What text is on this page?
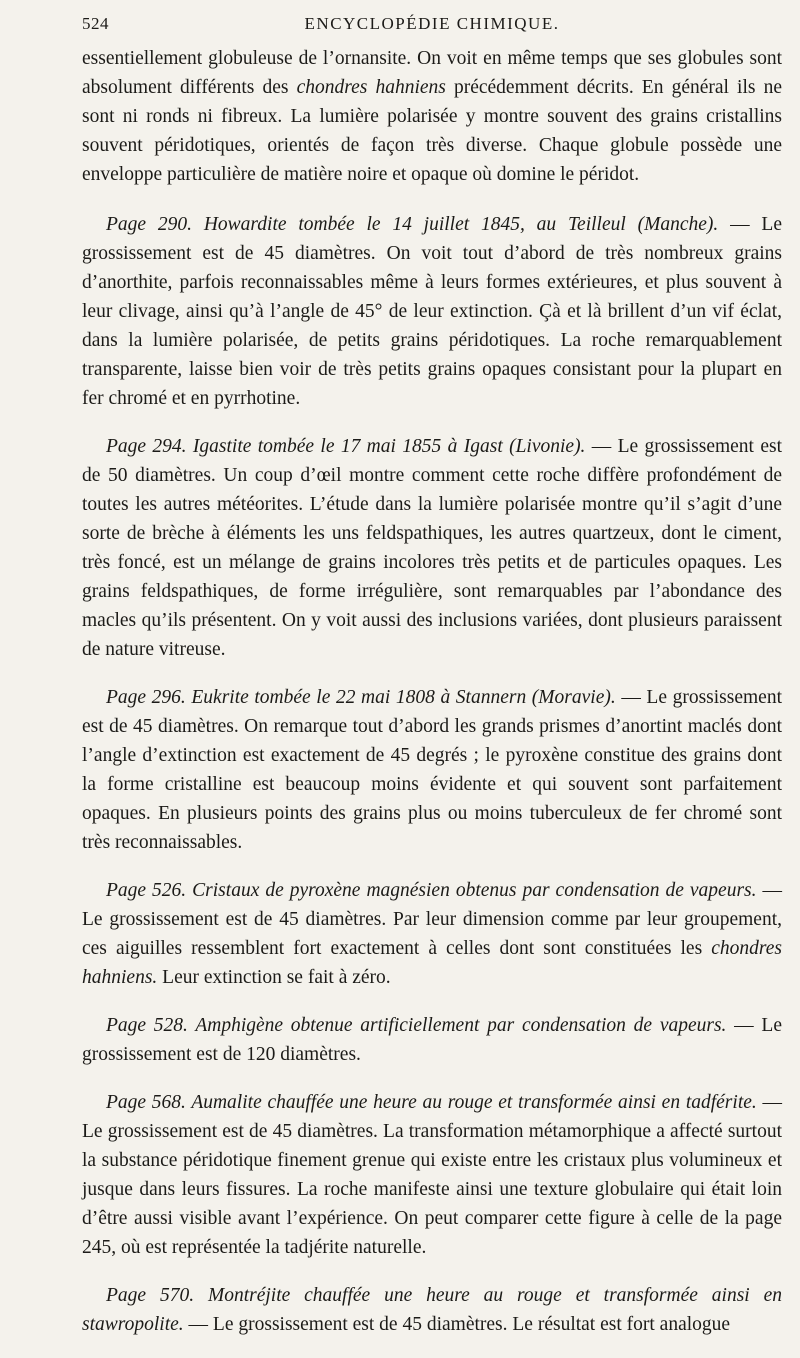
524	ENCYCLOPÉDIE CHIMIQUE.

essentiellement globuleuse de l’ornansite. On voit en même temps que ses globules sont absolument différents des chondres hahniens précédemment décrits. En général ils ne sont ni ronds ni fibreux. La lumière polarisée y montre souvent des grains cristallins souvent péridotiques, orientés de façon très diverse. Chaque globule possède une enveloppe particulière de matière noire et opaque où domine le péridot.

Page 290. Howardite tombée le 14 juillet 1845, au Teilleul (Manche). — Le grossissement est de 45 diamètres. On voit tout d’abord de très nombreux grains d’anorthite, parfois reconnaissables même à leurs formes extérieures, et plus souvent à leur clivage, ainsi qu’à l’angle de 45° de leur extinction. Çà et là brillent d’un vif éclat, dans la lumière polarisée, de petits grains péridotiques. La roche remarquablement transparente, laisse bien voir de très petits grains opaques consistant pour la plupart en fer chromé et en pyrrhotine.

Page 294. Igastite tombée le 17 mai 1855 à Igast (Livonie). — Le grossissement est de 50 diamètres. Un coup d’œil montre comment cette roche diffère profondément de toutes les autres météorites. L’étude dans la lumière polarisée montre qu’il s’agit d’une sorte de brèche à éléments les uns feldspathiques, les autres quartzeux, dont le ciment, très foncé, est un mélange de grains incolores très petits et de particules opaques. Les grains feldspathiques, de forme irrégulière, sont remarquables par l’abondance des macles qu’ils présentent. On y voit aussi des inclusions variées, dont plusieurs paraissent de nature vitreuse.

Page 296. Eukrite tombée le 22 mai 1808 à Stannern (Moravie). — Le grossissement est de 45 diamètres. On remarque tout d’abord les grands prismes d’anortint maclés dont l’angle d’extinction est exactement de 45 degrés ; le pyroxène constitue des grains dont la forme cristalline est beaucoup moins évidente et qui souvent sont parfaitement opaques. En plusieurs points des grains plus ou moins tuberculeux de fer chromé sont très reconnaissables.

Page 526. Cristaux de pyroxène magnésien obtenus par condensation de vapeurs. — Le grossissement est de 45 diamètres. Par leur dimension comme par leur groupement, ces aiguilles ressemblent fort exactement à celles dont sont constituées les chondres hahniens. Leur extinction se fait à zéro.

Page 528. Amphigène obtenue artificiellement par condensation de vapeurs. — Le grossissement est de 120 diamètres.

Page 568. Aumalite chauffée une heure au rouge et transformée ainsi en tadférite. — Le grossissement est de 45 diamètres. La transformation métamorphique a affecté surtout la substance péridotique finement grenue qui existe entre les cristaux plus volumineux et jusque dans leurs fissures. La roche manifeste ainsi une texture globulaire qui était loin d’être aussi visible avant l’expérience. On peut comparer cette figure à celle de la page 245, où est représentée la tadjérite naturelle.

Page 570. Montréjite chauffée une heure au rouge et transformée ainsi en stawropolite. — Le grossissement est de 45 diamètres. Le résultat est fort analogue
